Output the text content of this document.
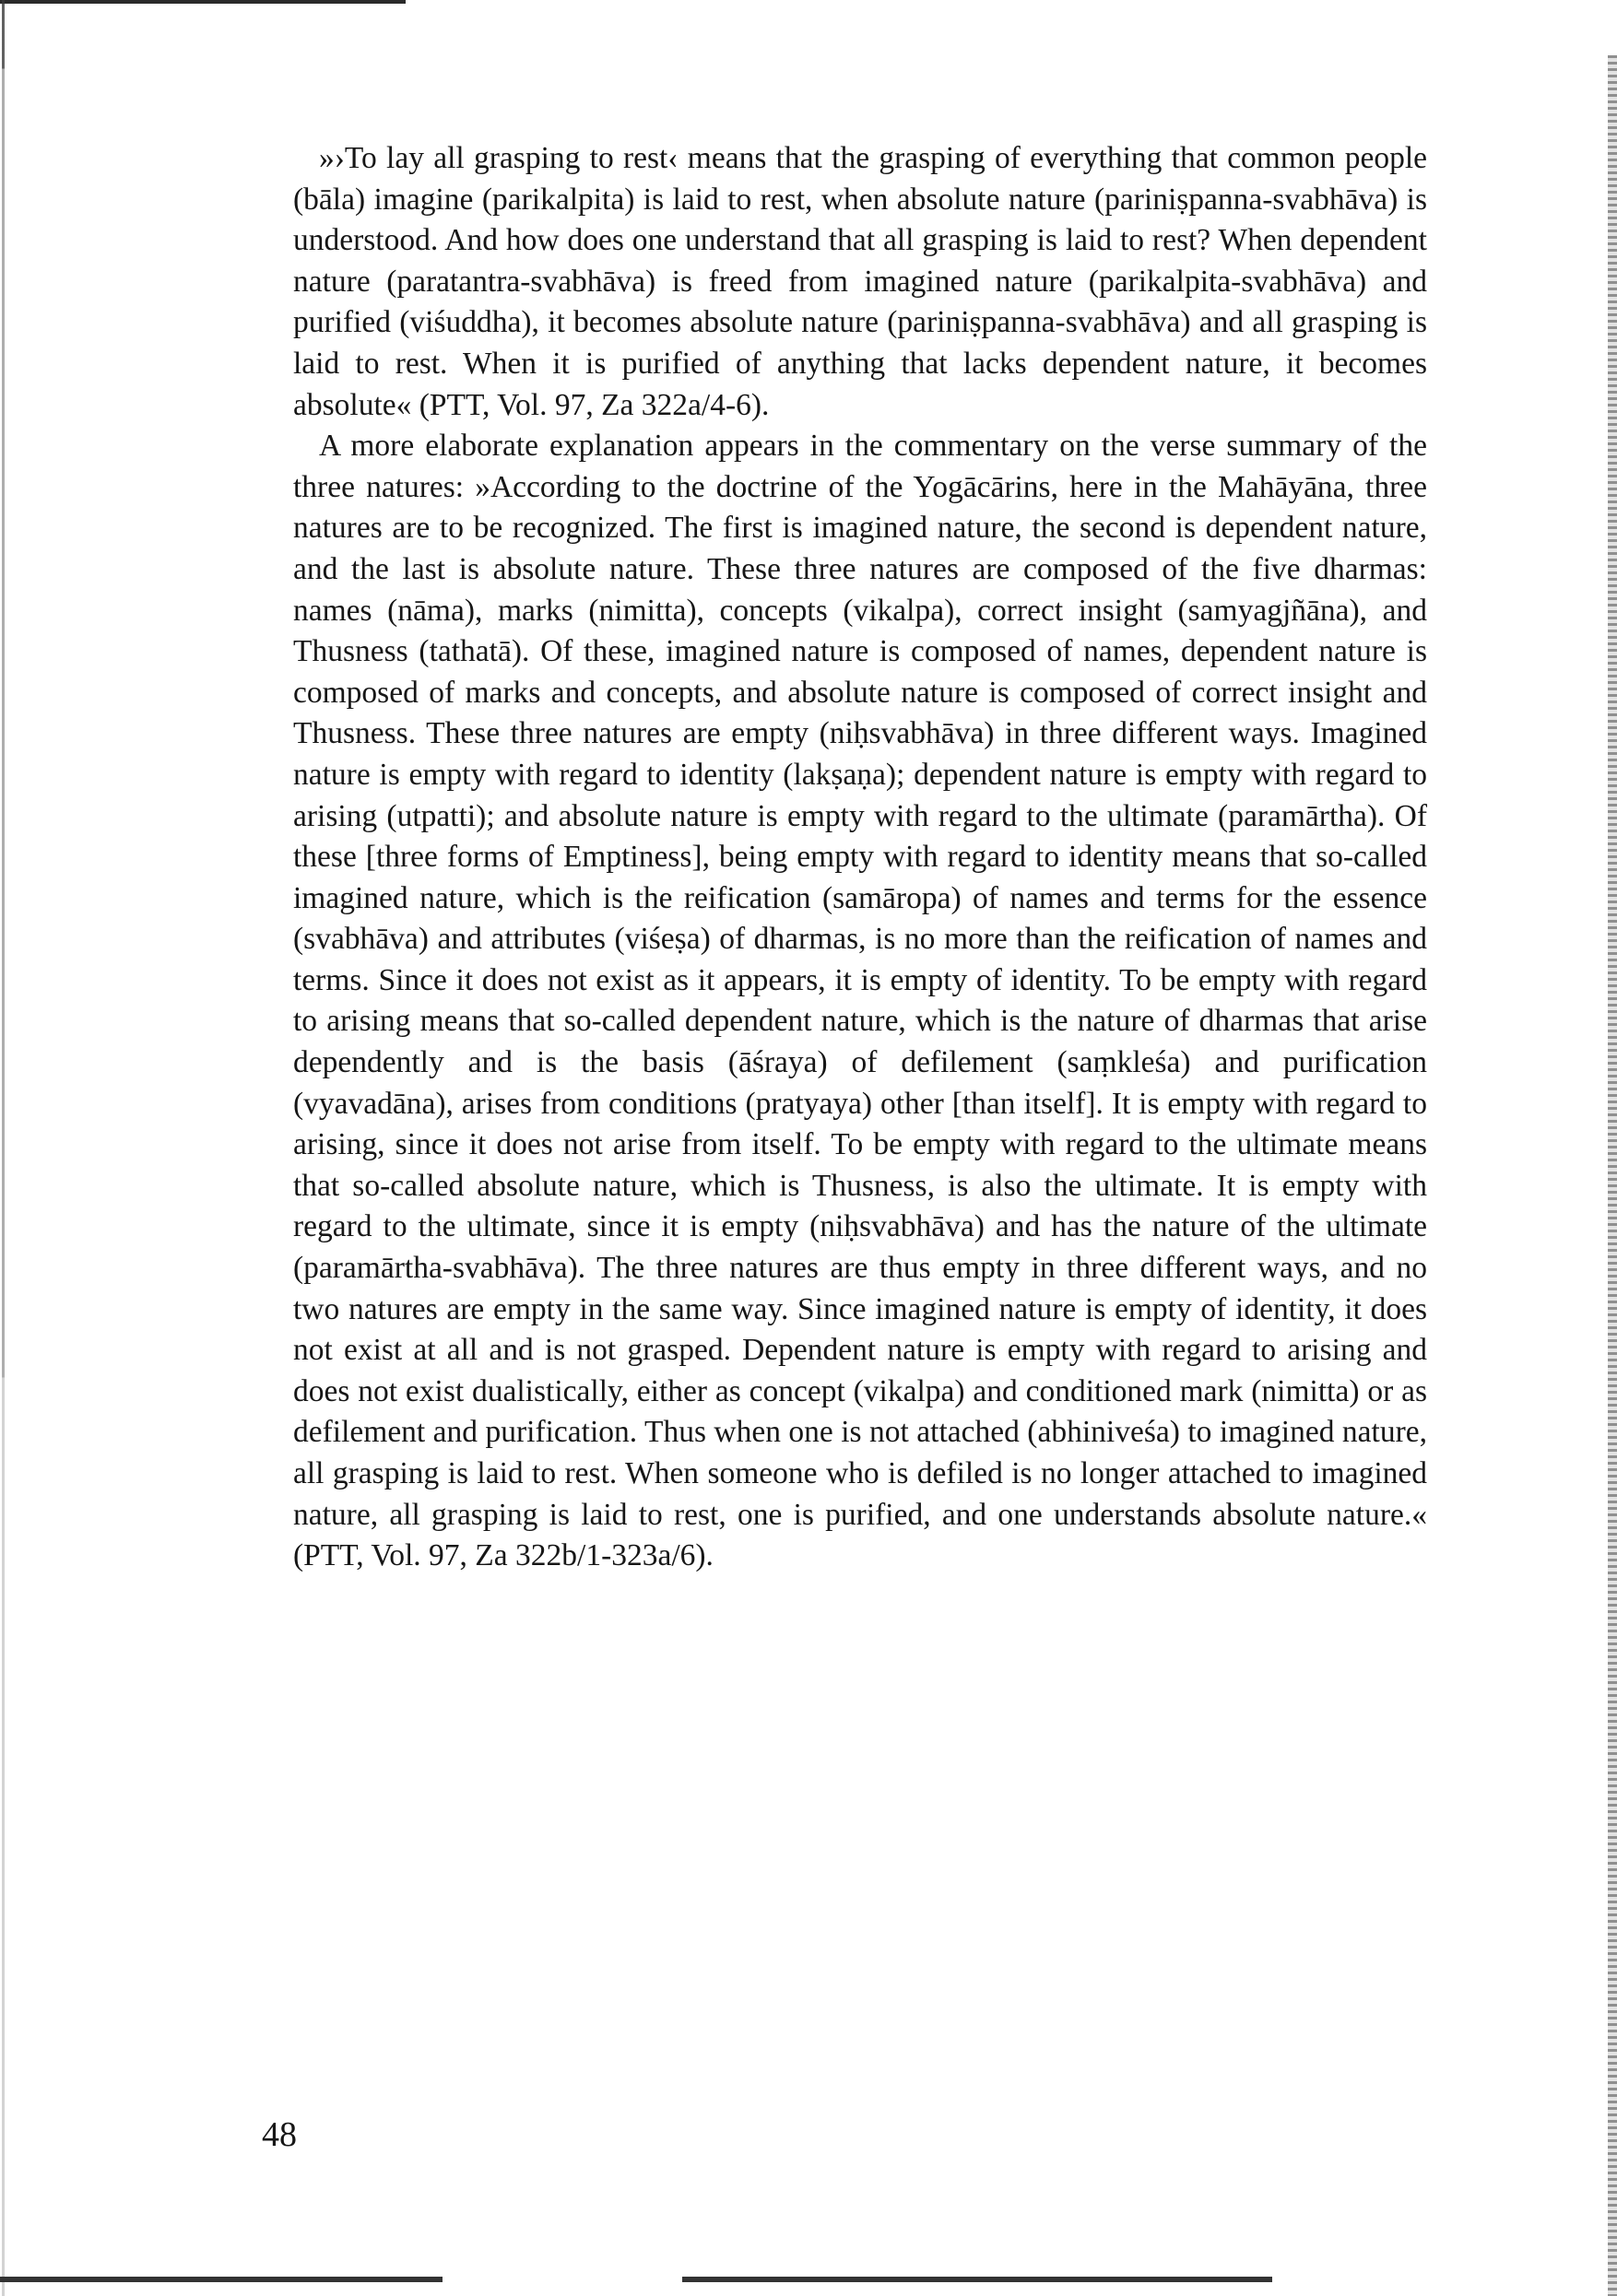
»›To lay all grasping to rest‹ means that the grasping of everything that common people (bāla) imagine (parikalpita) is laid to rest, when absolute nature (pariniṣpanna-svabhāva) is understood. And how does one understand that all grasping is laid to rest? When dependent nature (paratantra-svabhāva) is freed from imagined nature (parikalpita-svabhāva) and purified (viśuddha), it becomes absolute nature (pariniṣpanna-svabhāva) and all grasping is laid to rest. When it is purified of anything that lacks dependent nature, it becomes absolute« (PTT, Vol. 97, Za 322a/4-6).

A more elaborate explanation appears in the commentary on the verse summary of the three natures: »According to the doctrine of the Yogācārins, here in the Mahāyāna, three natures are to be recognized. The first is imagined nature, the second is dependent nature, and the last is absolute nature. These three natures are composed of the five dharmas: names (nāma), marks (nimitta), concepts (vikalpa), correct insight (samyagjñāna), and Thusness (tathatā). Of these, imagined nature is composed of names, dependent nature is composed of marks and concepts, and absolute nature is composed of correct insight and Thusness. These three natures are empty (niḥsvabhāva) in three different ways. Imagined nature is empty with regard to identity (lakṣaṇa); dependent nature is empty with regard to arising (utpatti); and absolute nature is empty with regard to the ultimate (paramārtha). Of these [three forms of Emptiness], being empty with regard to identity means that so-called imagined nature, which is the reification (samāropa) of names and terms for the essence (svabhāva) and attributes (viśeṣa) of dharmas, is no more than the reification of names and terms. Since it does not exist as it appears, it is empty of identity. To be empty with regard to arising means that so-called dependent nature, which is the nature of dharmas that arise dependently and is the basis (āśraya) of defilement (saṃkleśa) and purification (vyavadāna), arises from conditions (pratyaya) other [than itself]. It is empty with regard to arising, since it does not arise from itself. To be empty with regard to the ultimate means that so-called absolute nature, which is Thusness, is also the ultimate. It is empty with regard to the ultimate, since it is empty (niḥsvabhāva) and has the nature of the ultimate (paramārtha-svabhāva). The three natures are thus empty in three different ways, and no two natures are empty in the same way. Since imagined nature is empty of identity, it does not exist at all and is not grasped. Dependent nature is empty with regard to arising and does not exist dualistically, either as concept (vikalpa) and conditioned mark (nimitta) or as defilement and purification. Thus when one is not attached (abhiniveśa) to imagined nature, all grasping is laid to rest. When someone who is defiled is no longer attached to imagined nature, all grasping is laid to rest, one is purified, and one understands absolute nature.« (PTT, Vol. 97, Za 322b/1-323a/6).

48
